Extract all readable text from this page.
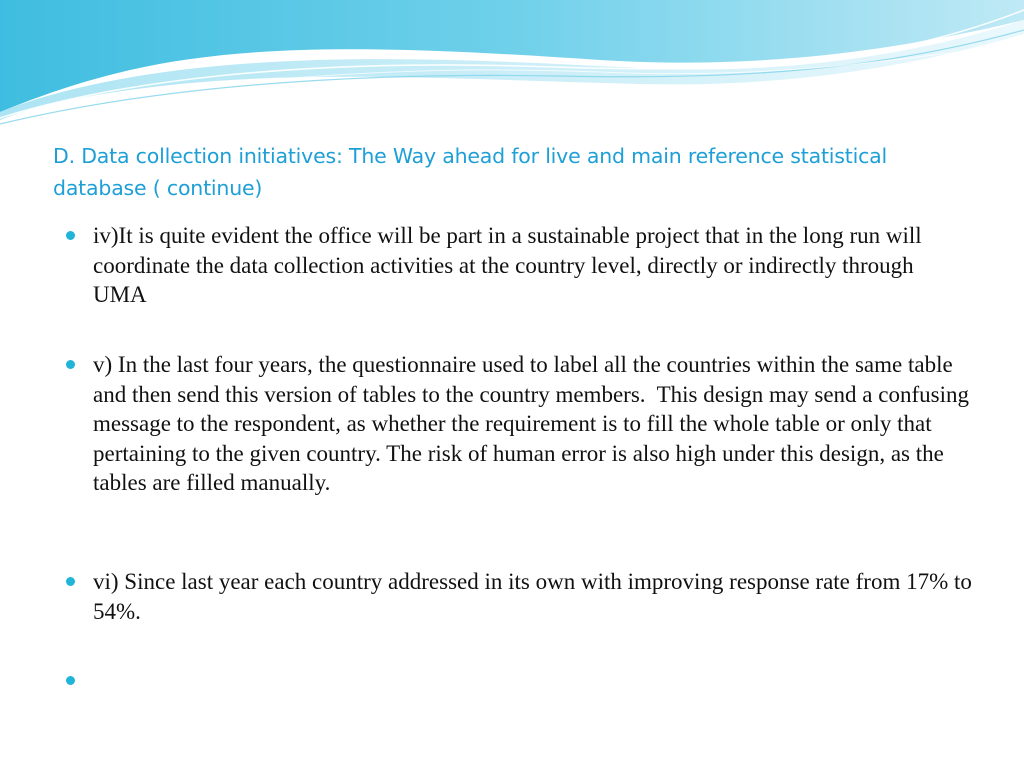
D. Data collection initiatives: The Way ahead for live and main reference statistical database ( continue)
iv)It is quite evident the office will be part in a sustainable project that in the long run will coordinate the data collection activities at the country level, directly or indirectly through UMA
v) In the last four years, the questionnaire used to label all the countries within the same table and then send this version of tables to the country members.  This design may send a confusing message to the respondent, as whether the requirement is to fill the whole table or only that pertaining to the given country. The risk of human error is also high under this design, as the tables are filled manually.
vi) Since last year each country addressed in its own with improving response rate from 17% to 54%.
